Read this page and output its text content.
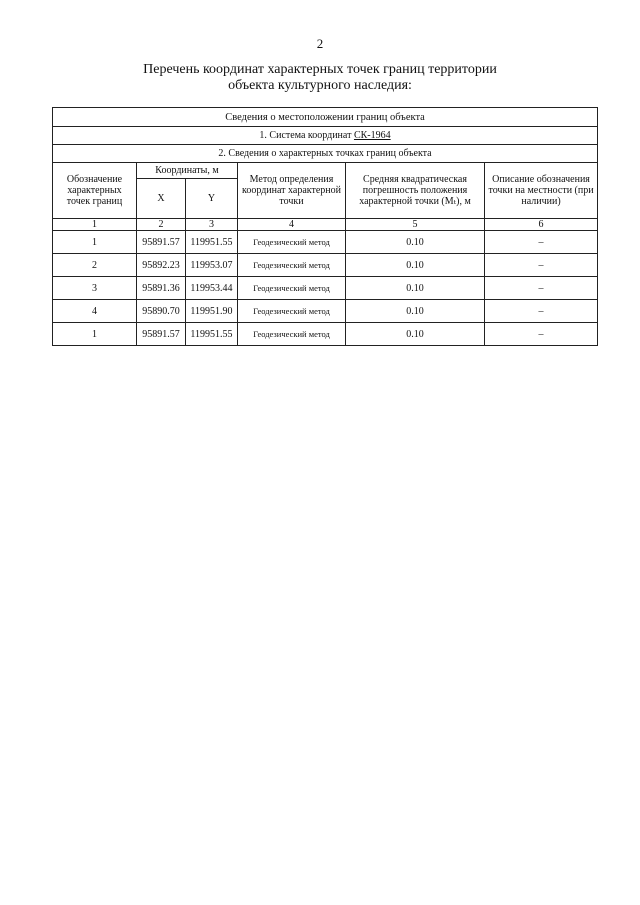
2
Перечень координат характерных точек границ территории
объекта культурного наследия:
Сведения о местоположении границ объекта					
1. Система координат СК-1964					
2. Сведения о характерных точках границ объекта					
Обозначение характерных точек границ	Координаты, м		Метод определения координат характерной точки	Средняя квадратическая погрешность положения характерной точки (Mₜ), м	Описание обозначения точки на местности (при наличии)
	X	Y			
1	2	3	4	5	6
1	95891.57	119951.55	Геодезический метод	0.10	–
2	95892.23	119953.07	Геодезический метод	0.10	–
3	95891.36	119953.44	Геодезический метод	0.10	–
4	95890.70	119951.90	Геодезический метод	0.10	–
1	95891.57	119951.55	Геодезический метод	0.10	–
